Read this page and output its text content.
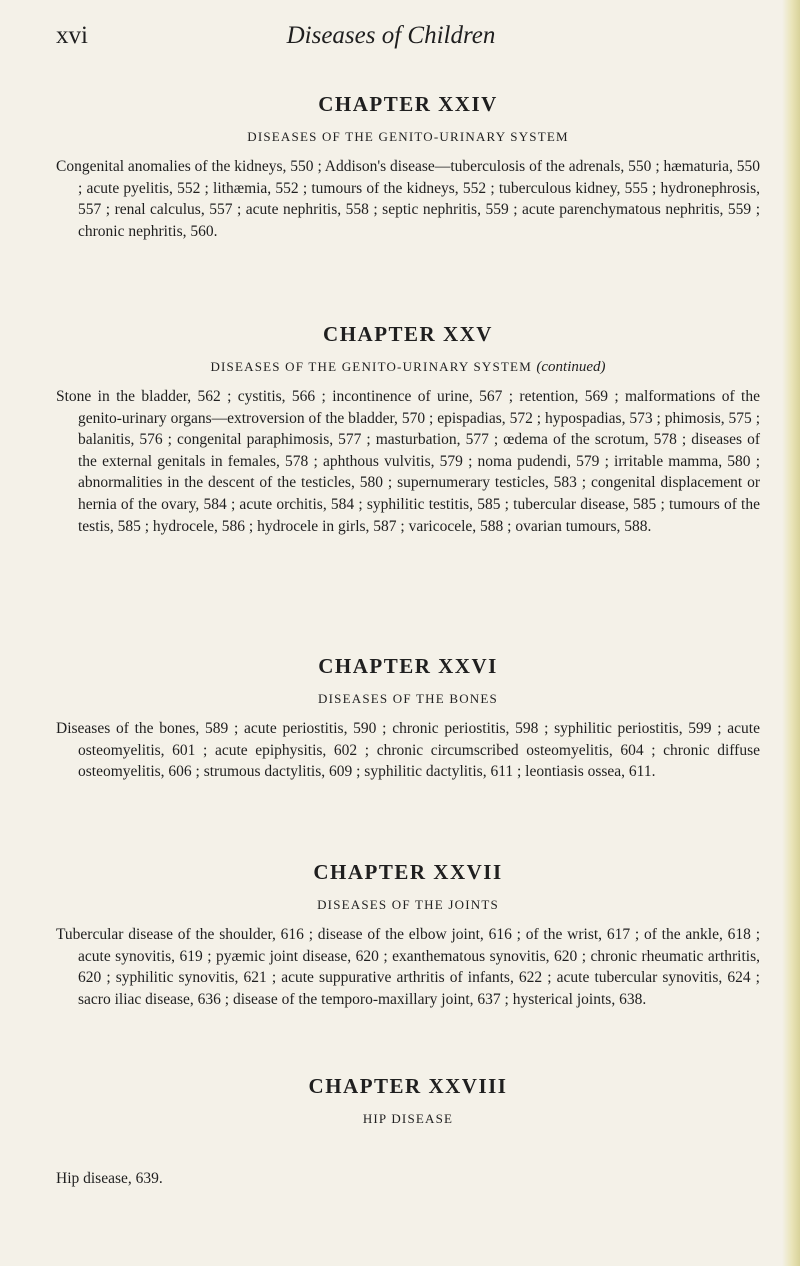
Diseases of Children
xvi
CHAPTER XXIV

DISEASES OF THE GENITO-URINARY SYSTEM

Congenital anomalies of the kidneys, 550 ; Addison's disease—tuberculosis of the adrenals, 550 ; hæmaturia, 550 ; acute pyelitis, 552 ; lithæmia, 552 ; tumours of the kidneys, 552 ; tuberculous kidney, 555 ; hydronephrosis, 557 ; renal calculus, 557 ; acute nephritis, 558 ; septic nephritis, 559 ; acute parenchymatous nephritis, 559 ; chronic nephritis, 560.

CHAPTER XXV

DISEASES OF THE GENITO-URINARY SYSTEM (continued)

Stone in the bladder, 562 ; cystitis, 566 ; incontinence of urine, 567 ; retention, 569 ; malformations of the genito-urinary organs—extroversion of the bladder, 570 ; epispadias, 572 ; hypospadias, 573 ; phimosis, 575 ; balanitis, 576 ; congenital paraphimosis, 577 ; masturbation, 577 ; œdema of the scrotum, 578 ; diseases of the external genitals in females, 578 ; aphthous vulvitis, 579 ; noma pudendi, 579 ; irritable mamma, 580 ; abnormalities in the descent of the testicles, 580 ; supernumerary testicles, 583 ; congenital displacement or hernia of the ovary, 584 ; acute orchitis, 584 ; syphilitic testitis, 585 ; tubercular disease, 585 ; tumours of the testis, 585 ; hydrocele, 586 ; hydrocele in girls, 587 ; varicocele, 588 ; ovarian tumours, 588.

CHAPTER XXVI

DISEASES OF THE BONES

Diseases of the bones, 589 ; acute periostitis, 590 ; chronic periostitis, 598 ; syphilitic periostitis, 599 ; acute osteomyelitis, 601 ; acute epiphysitis, 602 ; chronic circumscribed osteomyelitis, 604 ; chronic diffuse osteomyelitis, 606 ; strumous dactylitis, 609 ; syphilitic dactylitis, 611 ; leontiasis ossea, 611.

CHAPTER XXVII

DISEASES OF THE JOINTS

Tubercular disease of the shoulder, 616 ; disease of the elbow joint, 616 ; of the wrist, 617 ; of the ankle, 618 ; acute synovitis, 619 ; pyæmic joint disease, 620 ; exanthematous synovitis, 620 ; chronic rheumatic arthritis, 620 ; syphilitic synovitis, 621 ; acute suppurative arthritis of infants, 622 ; acute tubercular synovitis, 624 ; sacro iliac disease, 636 ; disease of the temporo-maxillary joint, 637 ; hysterical joints, 638.

CHAPTER XXVIII

HIP DISEASE

Hip disease, 639.
